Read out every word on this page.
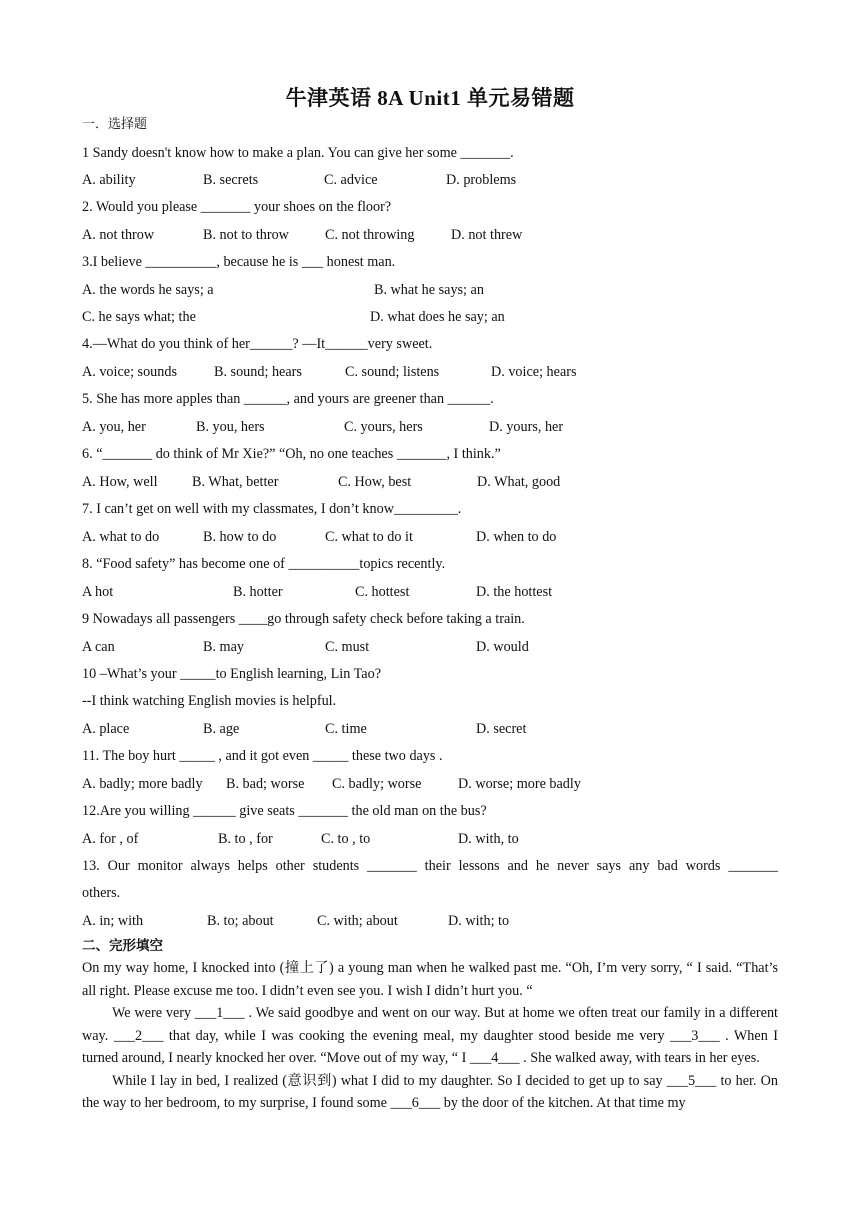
牛津英语 8A Unit1 单元易错题
一．选择题
1 Sandy doesn't know how to make a plan. You can give her some _______.
A. ability	B. secrets	C. advice	D. problems
2. Would you please _______ your shoes on the floor?
A. not throw	B. not to throw	C. not throwing	D. not threw
3.I believe __________, because he is ___ honest man.
A. the words he says; a	B. what he says; an
C. he says what; the	D. what does he say; an
4.—What do you think of her______? —It______very sweet.
A. voice; sounds	B. sound; hears	C. sound; listens	D. voice; hears
5. She has more apples than ______, and yours are greener than ______.
A. you, her	B. you, hers	C. yours, hers	D. yours, her
6. “_______ do think of Mr Xie?” “Oh, no one teaches _______, I think.”
A. How, well B. What, better	C. How, best	D. What, good
7. I can’t get on well with my classmates, I don’t know_________.
A. what to do	B. how to do	C. what to do it	D. when to do
8. “Food safety” has become one of __________topics recently.
A hot	B. hotter	C. hottest	D. the hottest
9 Nowadays all passengers ____go through safety check before taking a train.
A can	B. may	C. must	D. would
10 –What’s your _____to English learning, Lin Tao?
--I think watching English movies is helpful.
A. place	B. age	C. time	D. secret
11. The boy hurt _____ , and it got even _____ these two days .
A. badly; more badly B. bad; worse C. badly; worse	D. worse; more badly
12.Are you willing ______ give seats _______ the old man on the bus?
A. for , of	B. to , for	C. to , to	D. with, to
13. Our monitor always helps other students _______ their lessons and he never says any bad words _______
others.
A. in; with	B. to; about	C. with; about	D. with; to
二、完形填空

On my way home, I knocked into (撞上了) a young man when he walked past me. “Oh, I’m very sorry, “ I said. “That’s all right. Please excuse me too. I didn’t even see you. I wish I didn’t hurt you. “

We were very ___1___ . We said goodbye and went on our way. But at home we often treat our family in a different way. ___2___ that day, while I was cooking the evening meal, my daughter stood beside me very ___3___ . When I turned around, I nearly knocked her over. “Move out of my way, “ I ___4___ . She walked away, with tears in her eyes.

While I lay in bed, I realized (意识到) what I did to my daughter. So I decided to get up to say ___5___ to her. On the way to her bedroom, to my surprise, I found some ___6___ by the door of the kitchen. At that time my
